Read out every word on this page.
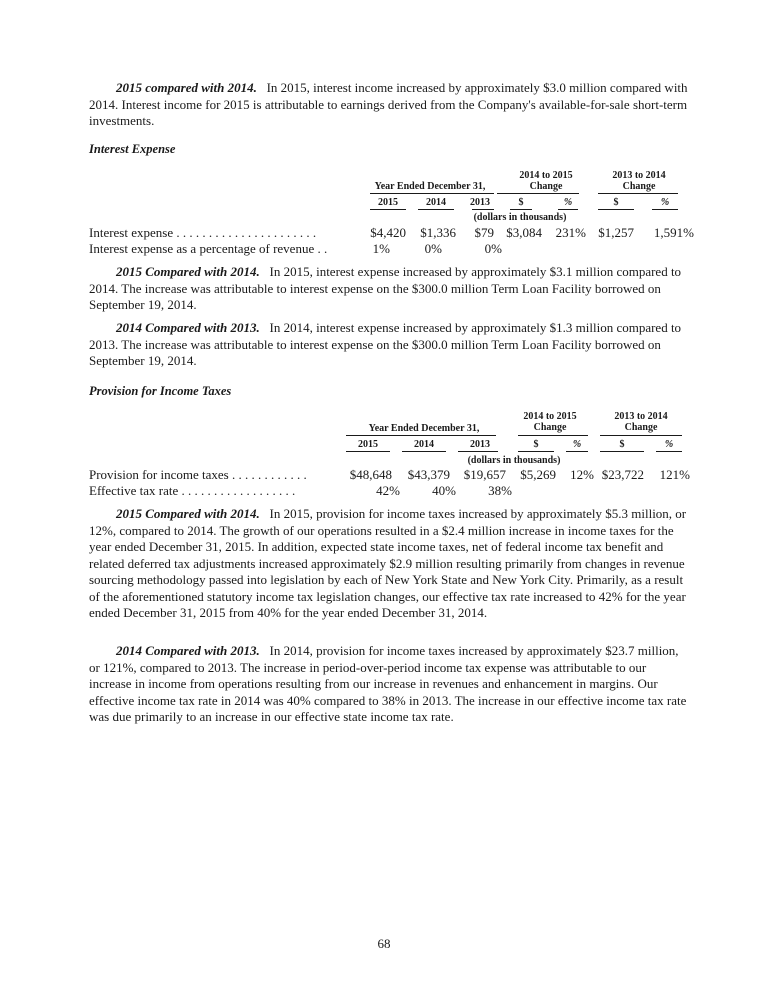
2015 compared with 2014. In 2015, interest income increased by approximately $3.0 million compared with 2014. Interest income for 2015 is attributable to earnings derived from the Company's available-for-sale short-term investments.

Interest Expense
2014 to 2015 Change
2013 to 2014 Change
Year Ended December 31,
2015	2014	2013	$	%	$	%
(dollars in thousands)
Interest expense . . . . . . . . . . . . . . . . . . . . . .	$4,420	$1,336	$79 $3,084	231% $1,257	1,591%
Interest expense as a percentage of revenue . .	1%	0%	0%

2015 Compared with 2014. In 2015, interest expense increased by approximately $3.1 million compared to 2014. The increase was attributable to interest expense on the $300.0 million Term Loan Facility borrowed on September 19, 2014.

2014 Compared with 2013. In 2014, interest expense increased by approximately $1.3 million compared to 2013. The increase was attributable to interest expense on the $300.0 million Term Loan Facility borrowed on September 19, 2014.

Provision for Income Taxes
2014 to 2015 Change
2013 to 2014 Change
Year Ended December 31,
2015	2014	2013	$	%	$	%
(dollars in thousands)
Provision for income taxes . . . . . . . . . . . .	$48,648	$43,379	$19,657	$5,269	12% $23,722	121%
Effective tax rate . . . . . . . . . . . . . . . . . .	42%	40%	38%

2015 Compared with 2014. In 2015, provision for income taxes increased by approximately $5.3 million, or 12%, compared to 2014. The growth of our operations resulted in a $2.4 million increase in income taxes for the year ended December 31, 2015. In addition, expected state income taxes, net of federal income tax benefit and related deferred tax adjustments increased approximately $2.9 million resulting primarily from changes in revenue sourcing methodology passed into legislation by each of New York State and New York City. Primarily, as a result of the aforementioned statutory income tax legislation changes, our effective tax rate increased to 42% for the year ended December 31, 2015 from 40% for the year ended December 31, 2014.

2014 Compared with 2013. In 2014, provision for income taxes increased by approximately $23.7 million, or 121%, compared to 2013. The increase in period-over-period income tax expense was attributable to our increase in income from operations resulting from our increase in revenues and enhancement in margins. Our effective income tax rate in 2014 was 40% compared to 38% in 2013. The increase in our effective income tax rate was due primarily to an increase in our effective state income tax rate.

68
